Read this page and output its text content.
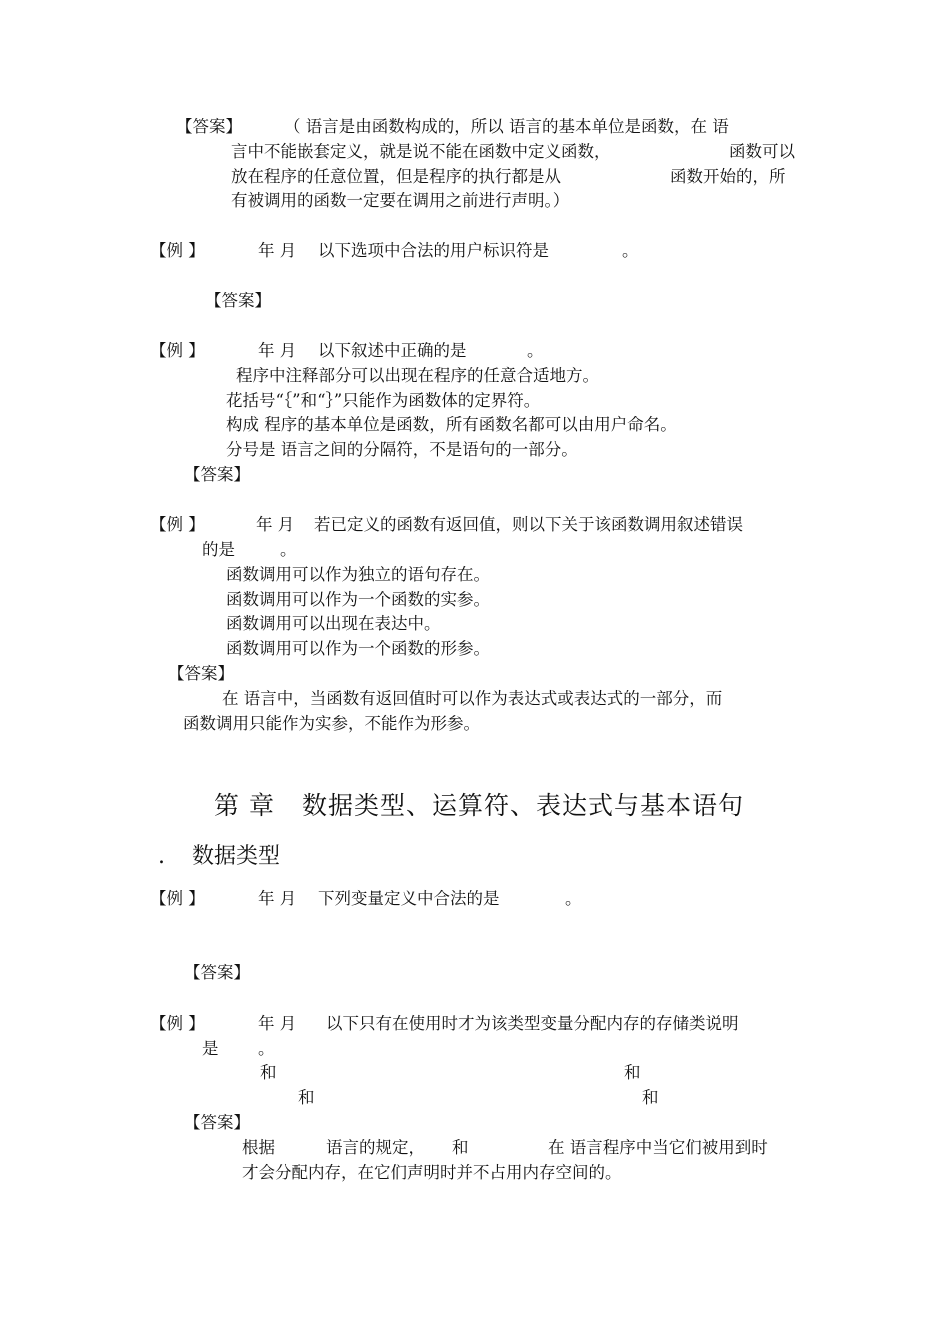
【答案】	（ 语言是由函数构成的，所以 语言的基本单位是函数，在 语
言中不能嵌套定义，就是说不能在函数中定义函数，	函数可以
放在程序的任意位置，但是程序的执行都是从	函数开始的，所
有被调用的函数一定要在调用之前进行声明。）
【例 】	年 月 以下选项中合法的用户标识符是	。
【答案】
【例 】	年 月 以下叙述中正确的是	。
程序中注释部分可以出现在程序的任意合适地方。
花括号“｛”和“｝”只能作为函数体的定界符。
构成 程序的基本单位是函数，所有函数名都可以由用户命名。
分号是 语言之间的分隔符，不是语句的一部分。
【答案】
【例 】	年 月 若已定义的函数有返回值，则以下关于该函数调用叙述错误
的是	。
函数调用可以作为独立的语句存在。
函数调用可以作为一个函数的实参。
函数调用可以出现在表达中。
函数调用可以作为一个函数的形参。
【答案】
在 语言中，当函数有返回值时可以作为表达式或表达式的一部分，而
函数调用只能作为实参，不能作为形参。
第 章 数据类型、运算符、表达式与基本语句
. 数据类型
【例 】	年 月 下列变量定义中合法的是	。
【答案】
【例 】	年 月 以下只有在使用时才为该类型变量分配内存的存储类说明
是 。
和	和
和	和
【答案】
根据	语言的规定， 和	在 语言程序中当它们被用到时
才会分配内存，在它们声明时并不占用内存空间的。
